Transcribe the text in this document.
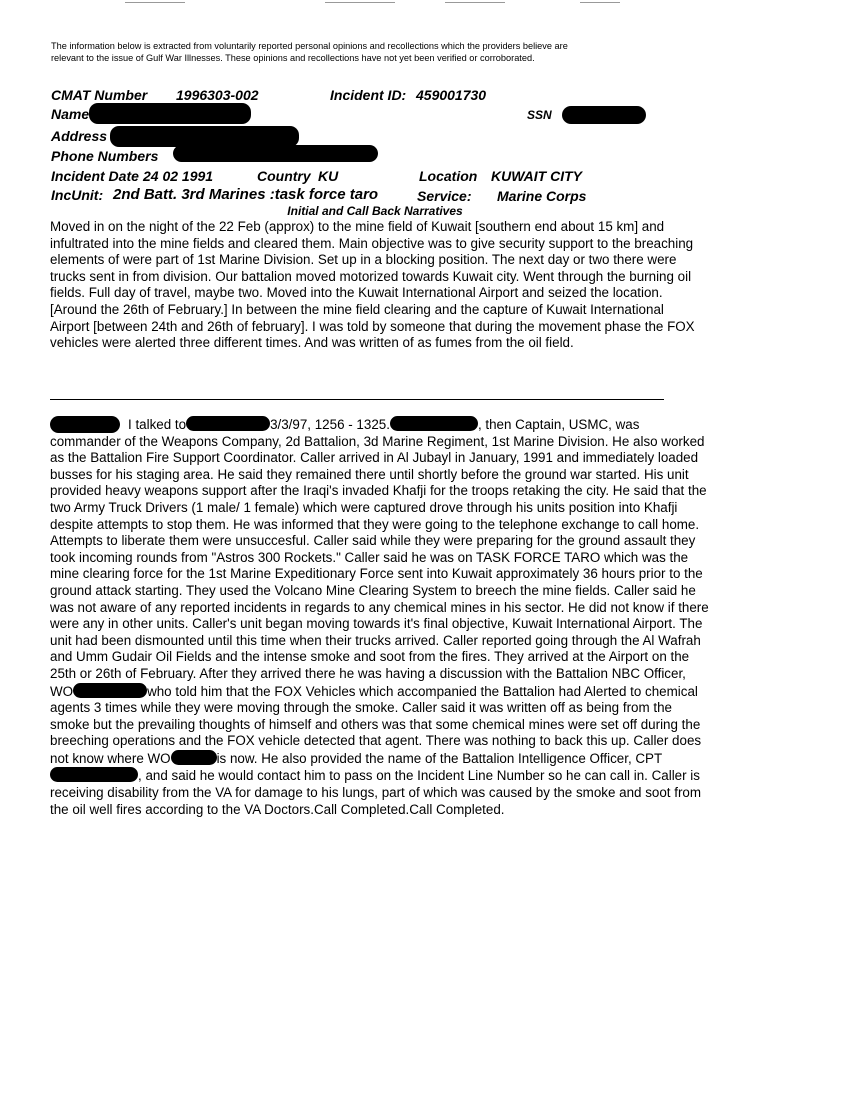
The information below is extracted from voluntarily reported personal opinions and recollections which the providers believe are relevant to the issue of Gulf War Illnesses. These opinions and recollections have not yet been verified or corroborated.
CMAT Number 1996303-002	Incident ID: 459001730
Name	SSN
Address
Phone Numbers
Incident Date 24 02 1991	Country KU	Location KUWAIT CITY
IncUnit: 2nd Batt. 3rd Marines :task force taro	Service: Marine Corps
Initial and Call Back Narratives
Moved in on the night of the 22 Feb (approx) to the mine field of Kuwait [southern end about 15 km] and infultrated into the mine fields and cleared them. Main objective was to give security support to the breaching elements of were part of 1st Marine Division. Set up in a blocking position. The next day or two there were trucks sent in from division. Our battalion moved motorized towards Kuwait city. Went through the burning oil fields. Full day of travel, maybe two. Moved into the Kuwait International Airport and seized the location. [Around the 26th of February.] In between the mine field clearing and the capture of Kuwait International Airport [between 24th and 26th of february]. I was told by someone that during the movement phase the FOX vehicles were alerted three different times. And was written of as fumes from the oil field.
I talked to	3/3/97, 1256 - 1325.	, then Captain, USMC, was commander of the Weapons Company, 2d Battalion, 3d Marine Regiment, 1st Marine Division. He also worked as the Battalion Fire Support Coordinator. Caller arrived in Al Jubayl in January, 1991 and immediately loaded busses for his staging area. He said they remained there until shortly before the ground war started. His unit provided heavy weapons support after the Iraqi's invaded Khafji for the troops retaking the city. He said that the two Army Truck Drivers (1 male/ 1 female) which were captured drove through his units position into Khafji despite attempts to stop them. He was informed that they were going to the telephone exchange to call home. Attempts to liberate them were unsuccesful. Caller said while they were preparing for the ground assault they took incoming rounds from "Astros 300 Rockets." Caller said he was on TASK FORCE TARO which was the mine clearing force for the 1st Marine Expeditionary Force sent into Kuwait approximately 36 hours prior to the ground attack starting. They used the Volcano Mine Clearing System to breech the mine fields. Caller said he was not aware of any reported incidents in regards to any chemical mines in his sector. He did not know if there were any in other units. Caller's unit began moving towards it's final objective, Kuwait International Airport. The unit had been dismounted until this time when their trucks arrived. Caller reported going through the Al Wafrah and Umm Gudair Oil Fields and the intense smoke and soot from the fires. They arrived at the Airport on the 25th or 26th of February. After they arrived there he was having a discussion with the Battalion NBC Officer, WO	who told him that the FOX Vehicles which accompanied the Battalion had Alerted to chemical agents 3 times while they were moving through the smoke. Caller said it was written off as being from the smoke but the prevailing thoughts of himself and others was that some chemical mines were set off during the breeching operations and the FOX vehicle detected that agent. There was nothing to back this up. Caller does not know where WO	is now. He also provided the name of the Battalion Intelligence Officer, CPT, and said he would contact him to pass on the Incident Line Number so he can call in. Caller is receiving disability from the VA for damage to his lungs, part of which was caused by the smoke and soot from the oil well fires according to the VA Doctors.Call Completed.Call Completed.
